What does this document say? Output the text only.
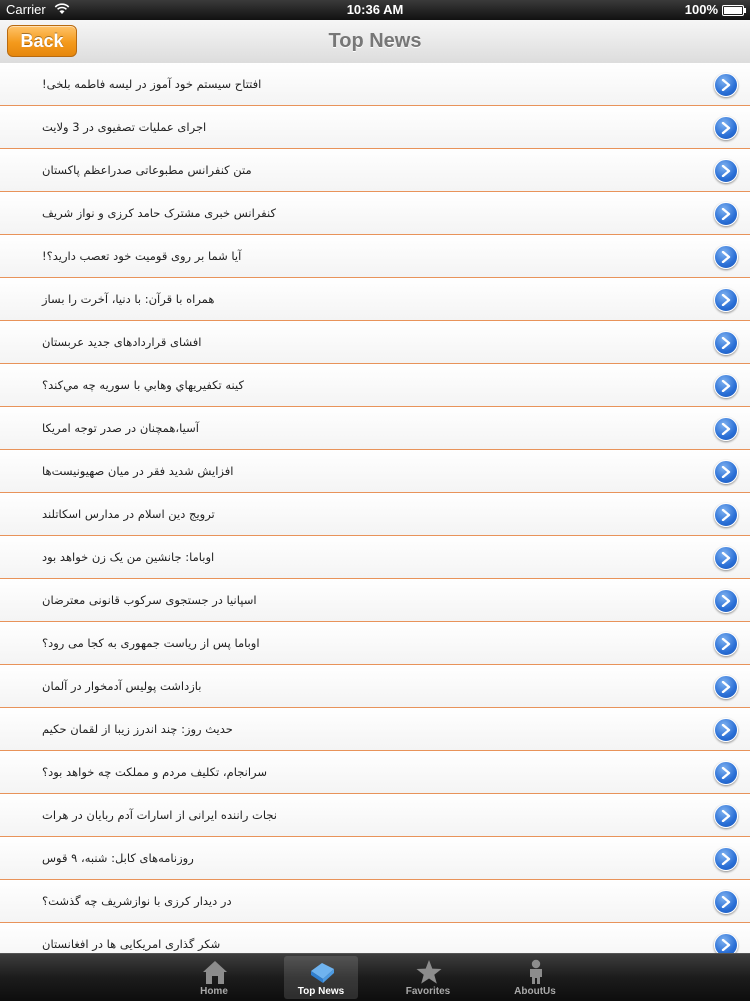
Carrier	10:36 AM	100%
Back	Top News
افتتاح سیستم خود آموز در لیسه فاطمه بلخی!
اجرای عملیات تصفیوی در 3 ولایت
متن کنفرانس مطبوعاتی صدراعظم پاکستان
کنفرانس خبری مشترک حامد کرزی و نواز شریف
آیا شما بر روی قومیت خود تعصب دارید؟!
همراه با قرآن: با دنیا، آخرت را بساز
افشای قراردادهای جدید عربستان
کینه تکفیريهاي وهابي با سوريه چه مي‌کند؟
آسیا،همچنان در صدر توجه امریکا
افزایش شدید فقر در میان صهیونیست‌ها
ترویج دین اسلام در مدارس اسکاتلند
اوباما: جانشین من یک زن خواهد بود
اسپانیا در جستجوی سرکوب قانونی معترضان
اوباما پس از ریاست جمهوری به کجا می رود؟
بازداشت پولیس آدمخوار در آلمان
حدیث روز: چند اندرز زیبا از لقمان حکیم
سرانجام، تکلیف مردم و مملکت چه خواهد بود؟
نجات راننده ایرانی از اسارات آدم ربایان در هرات
روزنامه‌های کابل: شنبه، ۹ قوس
در دیدار کرزی با نوازشریف چه گذشت؟
شکر گذاری امریکایی ها در افغانستان
Home	Top News	Favorites	AboutUs
